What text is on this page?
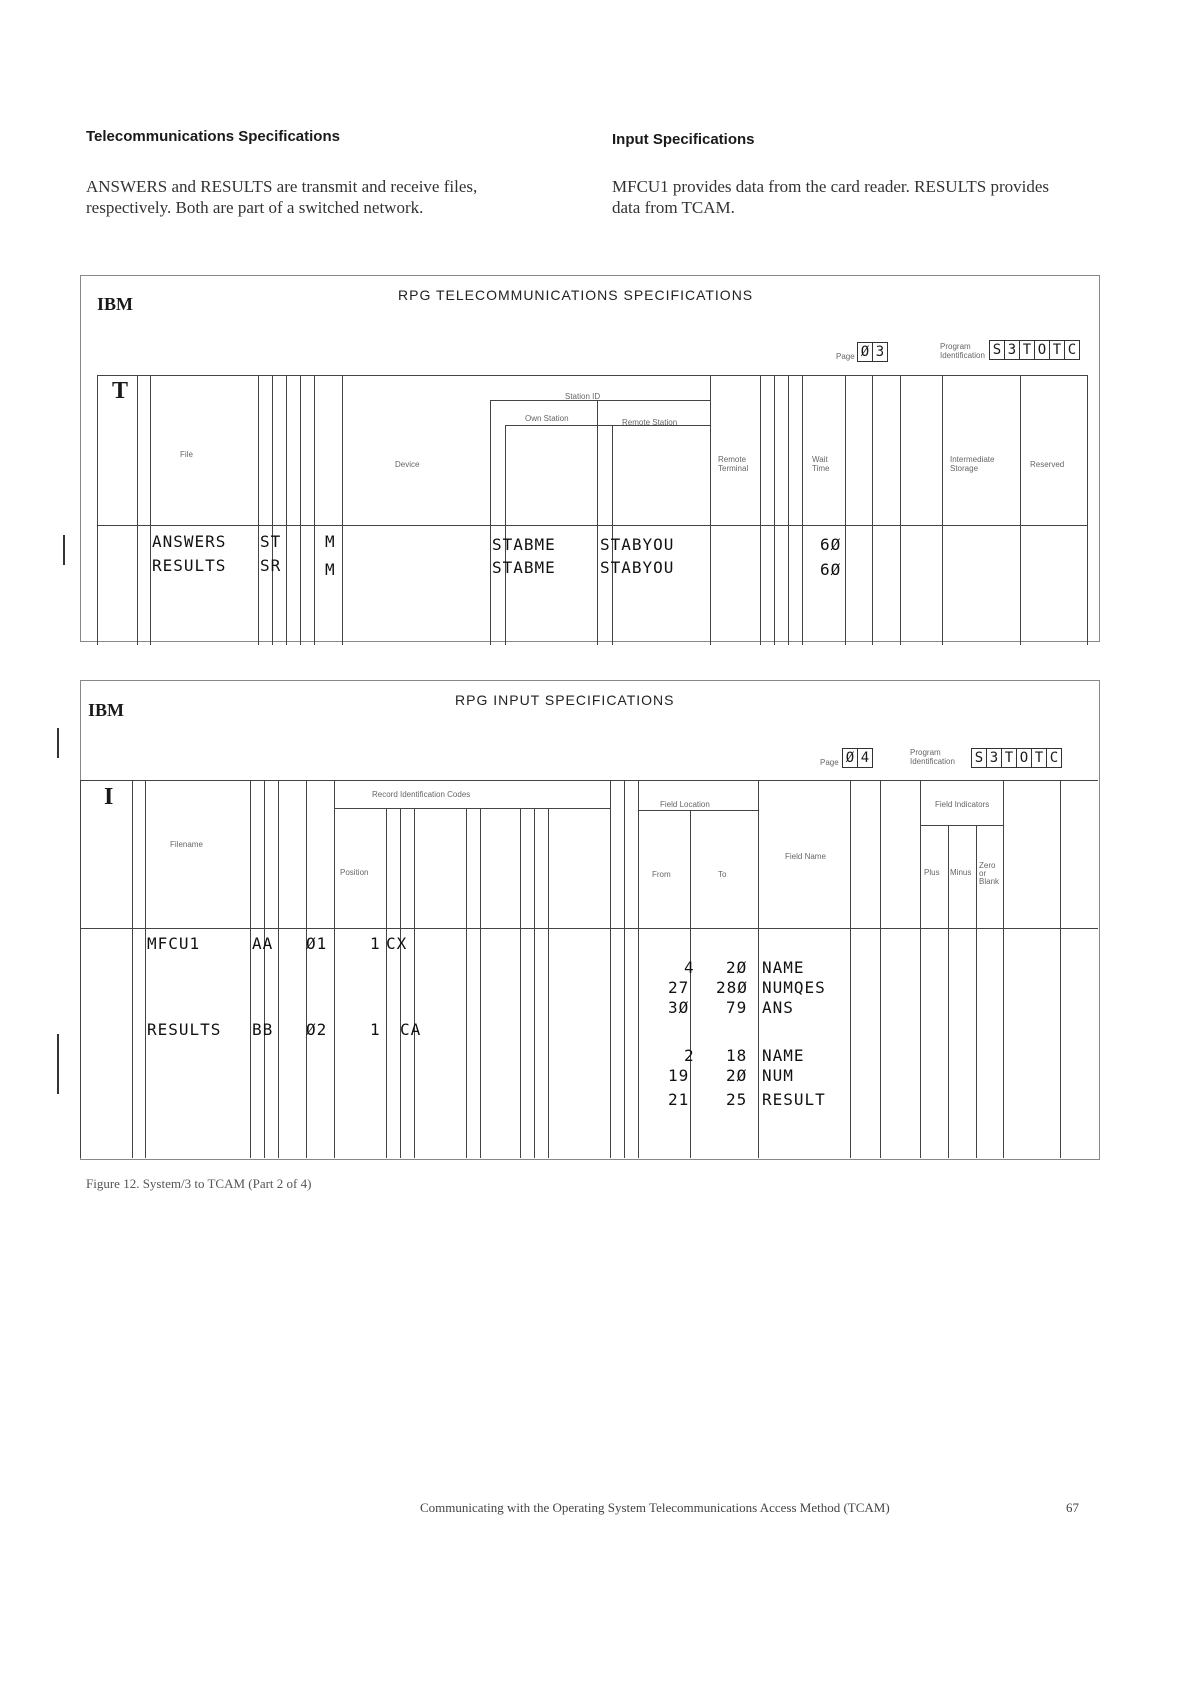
Telecommunications Specifications
ANSWERS and RESULTS are transmit and receive files, respectively. Both are part of a switched network.
Input Specifications
MFCU1 provides data from the card reader. RESULTS provides data from TCAM.
IBM	RPG TELECOMMUNICATIONS SPECIFICATIONS
Page Ø 3	Program Identification S 3 T O T C
T
File
Device
Station ID
Own Station	Remote Station
Remote Terminal
Wait Time
Intermediate Storage	Reserved
ANSWERS ST	M	STABME	STABYOU	6Ø
RESULTS SR	M	STABME	STABYOU	6Ø
IBM	RPG INPUT SPECIFICATIONS
Page Ø 4	Program Identification	S 3 T O T C
I
Filename
Record Identification Codes
Position
Field Location
From	To
Field Name
Field Indicators
Plus Minus
Zero or Blank
MFCU1	AA Ø1	1 CX
4 2Ø NAME
27 28Ø NUMQES
3Ø 79 ANS
RESULTS BB Ø2	1 CA
2 18 NAME
19 2Ø NUM
21 25 RESULT
Figure 12. System/3 to TCAM (Part 2 of 4)
Communicating with the Operating System Telecommunications Access Method (TCAM)	67
